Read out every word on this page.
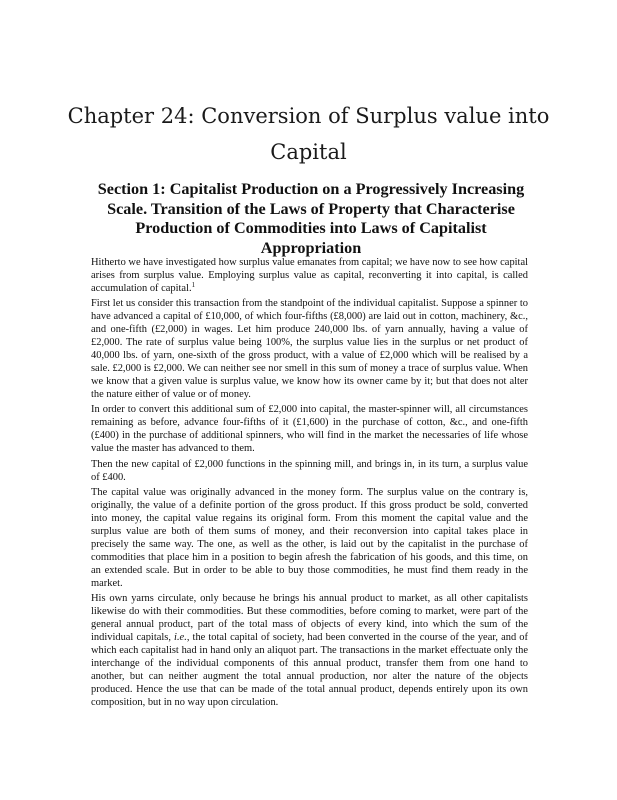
Chapter 24: Conversion of Surplus value into Capital
Section 1: Capitalist Production on a Progressively Increasing Scale. Transition of the Laws of Property that Characterise Production of Commodities into Laws of Capitalist Appropriation

Hitherto we have investigated how surplus value emanates from capital; we have now to see how capital arises from surplus value. Employing surplus value as capital, reconverting it into capital, is called accumulation of capital.$^1$

First let us consider this transaction from the standpoint of the individual capitalist. Suppose a spinner to have advanced a capital of £10,000, of which four-fifths (£8,000) are laid out in cotton, machinery, &c., and one-fifth (£2,000) in wages. Let him produce 240,000 lbs. of yarn annually, having a value of £2,000. The rate of surplus value being 100%, the surplus value lies in the surplus or net product of 40,000 lbs. of yarn, one-sixth of the gross product, with a value of £2,000 which will be realised by a sale. £2,000 is £2,000. We can neither see nor smell in this sum of money a trace of surplus value. When we know that a given value is surplus value, we know how its owner came by it; but that does not alter the nature either of value or of money.

In order to convert this additional sum of £2,000 into capital, the master-spinner will, all circumstances remaining as before, advance four-fifths of it (£1,600) in the purchase of cotton, &c., and one-fifth (£400) in the purchase of additional spinners, who will find in the market the necessaries of life whose value the master has advanced to them.

Then the new capital of £2,000 functions in the spinning mill, and brings in, in its turn, a surplus value of £400.

The capital value was originally advanced in the money form. The surplus value on the contrary is, originally, the value of a definite portion of the gross product. If this gross product be sold, converted into money, the capital value regains its original form. From this moment the capital value and the surplus value are both of them sums of money, and their reconversion into capital takes place in precisely the same way. The one, as well as the other, is laid out by the capitalist in the purchase of commodities that place him in a position to begin afresh the fabrication of his goods, and this time, on an extended scale. But in order to be able to buy those commodities, he must find them ready in the market.

His own yarns circulate, only because he brings his annual product to market, as all other capitalists likewise do with their commodities. But these commodities, before coming to market, were part of the general annual product, part of the total mass of objects of every kind, into which the sum of the individual capitals, i.e., the total capital of society, had been converted in the course of the year, and of which each capitalist had in hand only an aliquot part. The transactions in the market effectuate only the interchange of the individual components of this annual product, transfer them from one hand to another, but can neither augment the total annual production, nor alter the nature of the objects produced. Hence the use that can be made of the total annual product, depends entirely upon its own composition, but in no way upon circulation.
